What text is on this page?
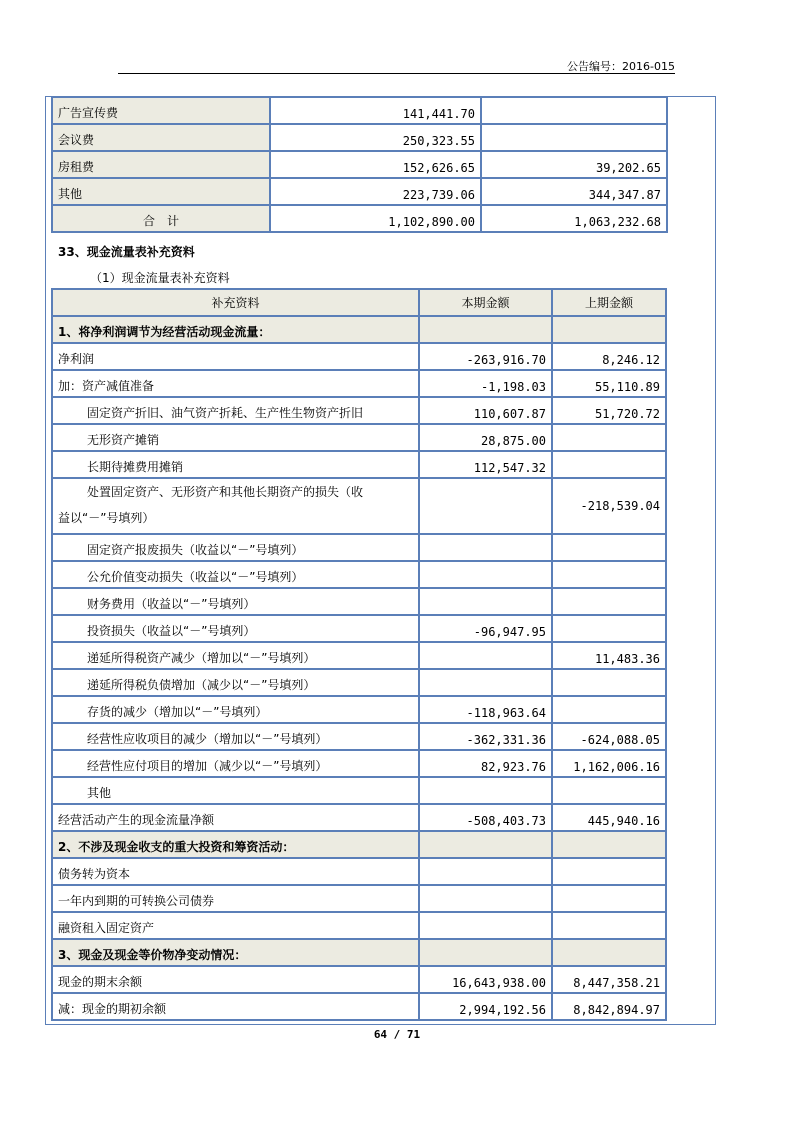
公告编号：2016-015
广告宣传费	141,441.70	
会议费	250,323.55	
房租费	152,626.65	39,202.65
其他	223,739.06	344,347.87
合　计	1,102,890.00	1,063,232.68
33、现金流量表补充资料
（1）现金流量表补充资料
补充资料	本期金额	上期金额
1、将净利润调节为经营活动现金流量：		
净利润	-263,916.70	8,246.12
加：资产减值准备	-1,198.03	55,110.89
固定资产折旧、油气资产折耗、生产性生物资产折旧	110,607.87	51,720.72
无形资产摊销	28,875.00	
长期待摊费用摊销	112,547.32	
处置固定资产、无形资产和其他长期资产的损失（收
益以“－”号填列）		-218,539.04
固定资产报废损失（收益以“－”号填列）		
公允价值变动损失（收益以“－”号填列）		
财务费用（收益以“－”号填列）		
投资损失（收益以“－”号填列）	-96,947.95	
递延所得税资产减少（增加以“－”号填列）		11,483.36
递延所得税负债增加（减少以“－”号填列）		
存货的减少（增加以“－”号填列）	-118,963.64	
经营性应收项目的减少（增加以“－”号填列）	-362,331.36	-624,088.05
经营性应付项目的增加（减少以“－”号填列）	82,923.76	1,162,006.16
其他		
经营活动产生的现金流量净额	-508,403.73	445,940.16
2、不涉及现金收支的重大投资和筹资活动：		
债务转为资本		
一年内到期的可转换公司债券		
融资租入固定资产		
3、现金及现金等价物净变动情况：		
现金的期末余额	16,643,938.00	8,447,358.21
减：现金的期初余额	2,994,192.56	8,842,894.97
64 / 71
